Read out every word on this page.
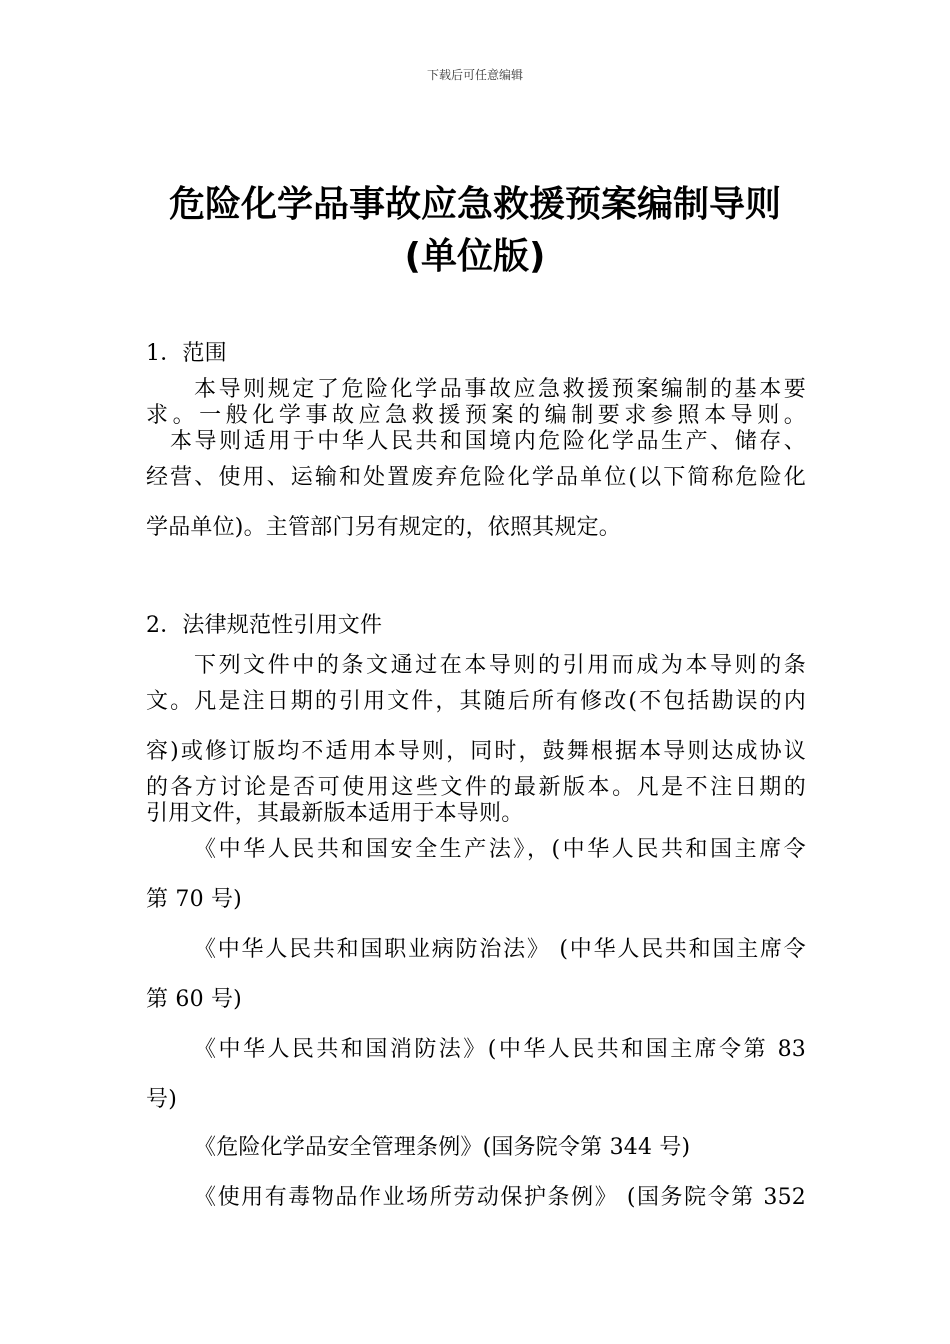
下载后可任意编辑
危险化学品事故应急救援预案编制导则
(单位版)
1．范围
本导则规定了危险化学品事故应急救援预案编制的基本要
求。一般化学事故应急救援预案的编制要求参照本导则。
本导则适用于中华人民共和国境内危险化学品生产、储存、
经营、使用、运输和处置废弃危险化学品单位(以下简称危险化
学品单位)。主管部门另有规定的，依照其规定。
2．法律规范性引用文件
下列文件中的条文通过在本导则的引用而成为本导则的条
文。凡是注日期的引用文件，其随后所有修改(不包括勘误的内
容)或修订版均不适用本导则，同时，鼓舞根据本导则达成协议
的各方讨论是否可使用这些文件的最新版本。凡是不注日期的
引用文件，其最新版本适用于本导则。
《中华人民共和国安全生产法》，(中华人民共和国主席令
第 70 号)
《中华人民共和国职业病防治法》 (中华人民共和国主席令
第 60 号)
《中华人民共和国消防法》(中华人民共和国主席令第 83
号)
《危险化学品安全管理条例》(国务院令第 344 号)
《使用有毒物品作业场所劳动保护条例》 (国务院令第 352
